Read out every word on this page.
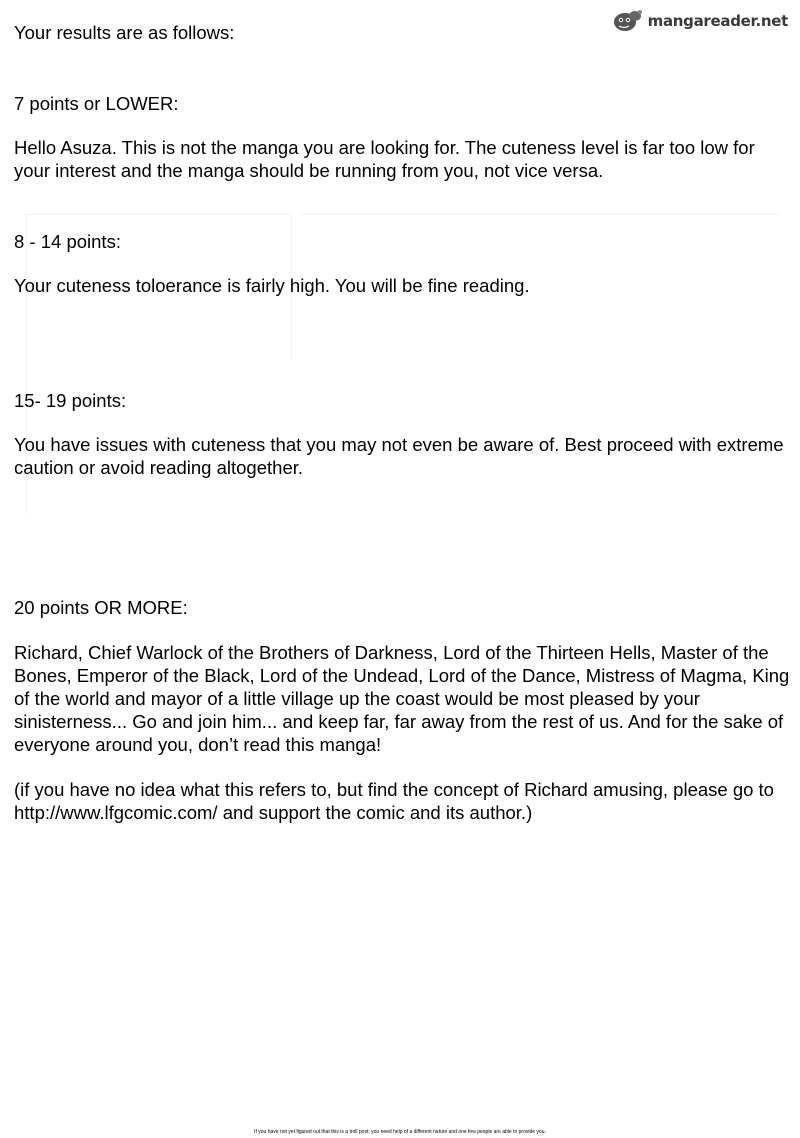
mangareader.net

Your results are as follows:

7 points or LOWER:

Hello Asuza. This is not the manga you are looking for. The cuteness level is far too low for your interest and the manga should be running from you, not vice versa.

8 - 14 points:

Your cuteness toloerance is fairly high. You will be fine reading.

15- 19 points:

You have issues with cuteness that you may not even be aware of. Best proceed with extreme caution or avoid reading altogether.

20 points OR MORE:

Richard, Chief Warlock of the Brothers of Darkness, Lord of the Thirteen Hells, Master of the Bones, Emperor of the Black, Lord of the Undead, Lord of the Dance, Mistress of Magma, King of the world and mayor of a little village up the coast would be most pleased by your sinisterness... Go and join him... and keep far, far away from the rest of us. And for the sake of everyone around you, don’t read this manga!

(if you have no idea what this refers to, but find the concept of Richard amusing, please go to http://www.lfgcomic.com/ and support the comic and its author.)

If you have not yet figured out that this is a troll post, you need help of a different nature and one few people are able to provide you.
